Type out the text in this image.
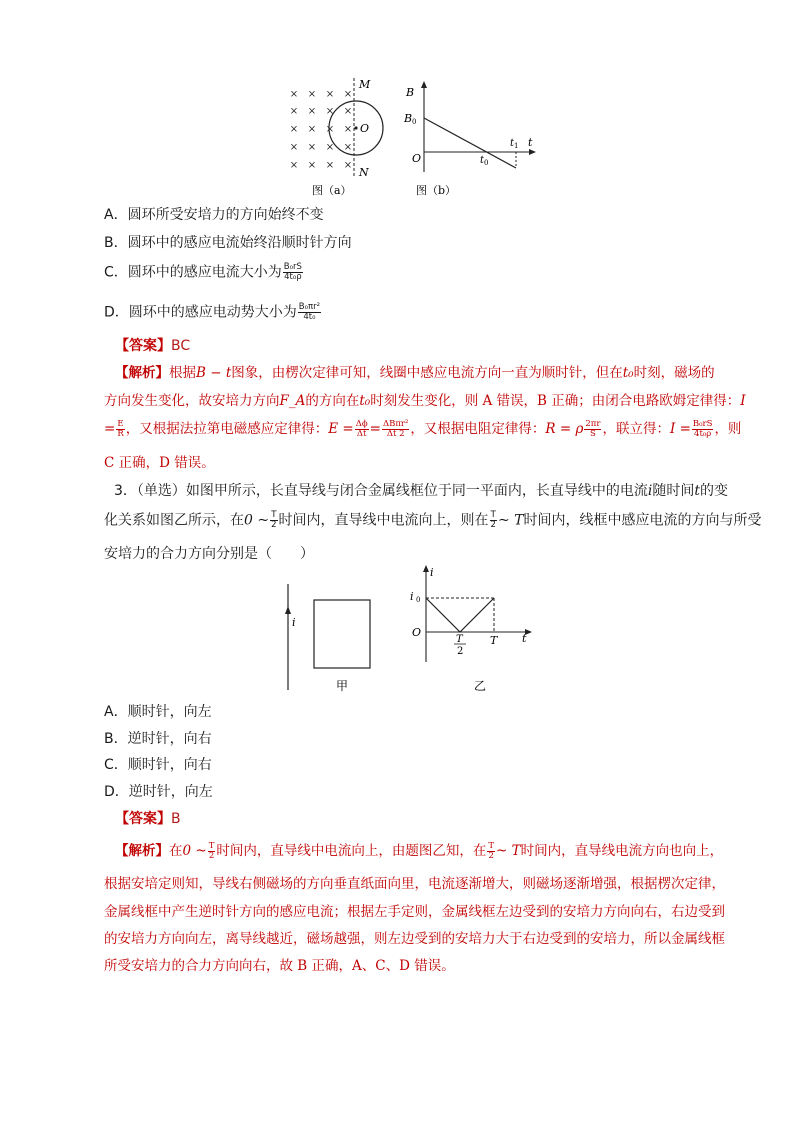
× × × ×
× × × ×
× × × ×
× × × ×
× × × ×
M
O
N
图（a）
B
B 0
O	t 0
t 1 t
图（b）
A．圆环所受安培力的方向始终不变
B．圆环中的感应电流始终沿顺时针方向
C．圆环中的感应电流大小为 $\frac{\text{B₀rS}}{\text{4t₀ρ}}$
D．圆环中的感应电动势大小为 $\frac{\text{B₀πr²}}{\text{4t₀}}$
【答案】BC
【解析】根据B − t图象，由楞次定律可知，线圈中感应电流方向一直为顺时针，但在t₀时刻，磁场的
方向发生变化，故安培力方向F_A的方向在t₀时刻发生变化，则 A 错误，B 正确；由闭合电路欧姆定律得：I
= $\frac{E}{R}$ ，又根据法拉第电磁感应定律得：$E = \frac{\Delta\phi}{\Delta t} = \frac{\text{ΔBπr²}}{\Delta t 2}$ ，又根据电阻定律得：R = ρ $\frac{2\pi r}{S}$ ，联立得：$I = \frac{\text{B₀rS}}{\text{4t₀ρ}}$ ，则
C 正确，D 错误。
3．（单选）如图甲所示，长直导线与闭合金属线框位于同一平面内，长直导线中的电流i随时间t的变
化关系如图乙所示，在0 ~ $\frac{T}{2}$ 时间内，直导线中电流向上，则在 $\frac{T}{2}$ ~ T时间内，线框中感应电流的方向与所受
安培力的合力方向分别是（　　）
i
甲
i
i 0
O
T
2
T t
乙
A．顺时针，向左
B．逆时针，向右
C．顺时针，向右
D．逆时针，向左
【答案】B
【解析】在0 ~ $\frac{T}{2}$ 时间内，直导线中电流向上，由题图乙知，在 $\frac{T}{2}$ ~ T时间内，直导线电流方向也向上，
根据安培定则知，导线右侧磁场的方向垂直纸面向里，电流逐渐增大，则磁场逐渐增强，根据楞次定律，
金属线框中产生逆时针方向的感应电流；根据左手定则，金属线框左边受到的安培力方向向右，右边受到
的安培力方向向左，离导线越近，磁场越强，则左边受到的安培力大于右边受到的安培力，所以金属线框
所受安培力的合力方向向右，故 B 正确，A、C、D 错误。
